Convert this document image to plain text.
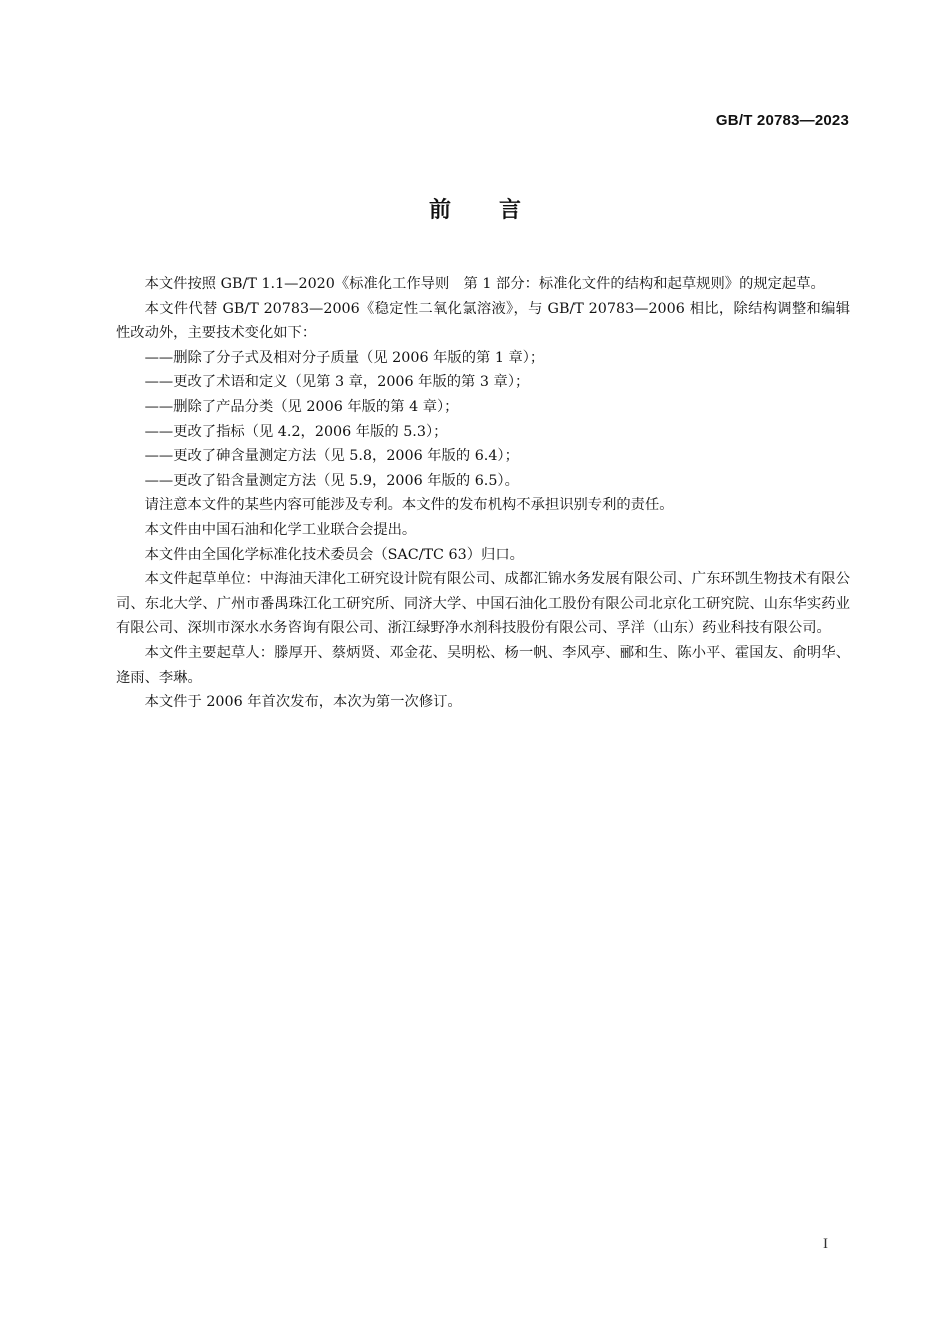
GB/T 20783—2023

前言

本文件按照 GB/T 1.1—2020《标准化工作导则　第 1 部分：标准化文件的结构和起草规则》的规定起草。

本文件代替 GB/T 20783—2006《稳定性二氧化氯溶液》，与 GB/T 20783—2006 相比，除结构调整和编辑性改动外，主要技术变化如下：

——删除了分子式及相对分子质量（见 2006 年版的第 1 章）；
——更改了术语和定义（见第 3 章，2006 年版的第 3 章）；
——删除了产品分类（见 2006 年版的第 4 章）；
——更改了指标（见 4.2，2006 年版的 5.3）；
——更改了砷含量测定方法（见 5.8，2006 年版的 6.4）；
——更改了铅含量测定方法（见 5.9，2006 年版的 6.5）。

请注意本文件的某些内容可能涉及专利。本文件的发布机构不承担识别专利的责任。

本文件由中国石油和化学工业联合会提出。

本文件由全国化学标准化技术委员会（SAC/TC 63）归口。

本文件起草单位：中海油天津化工研究设计院有限公司、成都汇锦水务发展有限公司、广东环凯生物技术有限公司、东北大学、广州市番禺珠江化工研究所、同济大学、中国石油化工股份有限公司北京化工研究院、山东华实药业有限公司、深圳市深水水务咨询有限公司、浙江绿野净水剂科技股份有限公司、孚洋（山东）药业科技有限公司。

本文件主要起草人：滕厚开、蔡炳贤、邓金花、吴明松、杨一帆、李风亭、郦和生、陈小平、霍国友、俞明华、逄雨、李琳。

本文件于 2006 年首次发布，本次为第一次修订。

I
